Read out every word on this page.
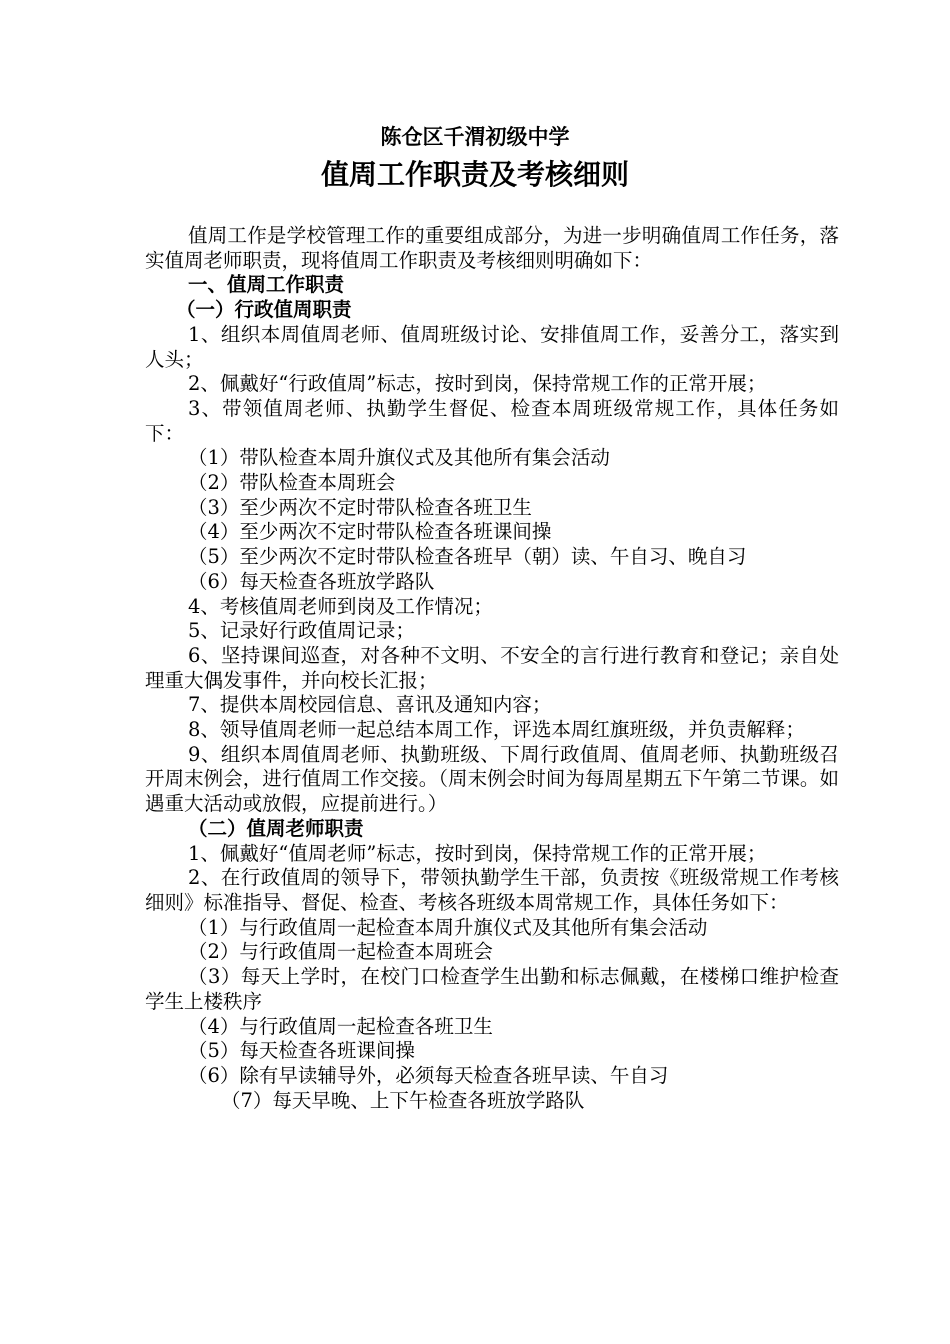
陈仓区千渭初级中学
值周工作职责及考核细则

值周工作是学校管理工作的重要组成部分，为进一步明确值周工作任务，落实值周老师职责，现将值周工作职责及考核细则明确如下：

一、值周工作职责

（一）行政值周职责

1、组织本周值周老师、值周班级讨论、安排值周工作，妥善分工，落实到人头；

2、佩戴好“行政值周”标志，按时到岗，保持常规工作的正常开展；

3、带领值周老师、执勤学生督促、检查本周班级常规工作，具体任务如下：

（1）带队检查本周升旗仪式及其他所有集会活动

（2）带队检查本周班会

（3）至少两次不定时带队检查各班卫生

（4）至少两次不定时带队检查各班课间操

（5）至少两次不定时带队检查各班早（朝）读、午自习、晚自习

（6）每天检查各班放学路队

4、考核值周老师到岗及工作情况；

5、记录好行政值周记录；

6、坚持课间巡查，对各种不文明、不安全的言行进行教育和登记；亲自处理重大偶发事件，并向校长汇报；

7、提供本周校园信息、喜讯及通知内容；

8、领导值周老师一起总结本周工作，评选本周红旗班级，并负责解释；

9、组织本周值周老师、执勤班级、下周行政值周、值周老师、执勤班级召开周末例会，进行值周工作交接。（周末例会时间为每周星期五下午第二节课。如遇重大活动或放假，应提前进行。）

（二）值周老师职责

1、佩戴好“值周老师”标志，按时到岗，保持常规工作的正常开展；

2、在行政值周的领导下，带领执勤学生干部，负责按《班级常规工作考核细则》标准指导、督促、检查、考核各班级本周常规工作，具体任务如下：

（1）与行政值周一起检查本周升旗仪式及其他所有集会活动

（2）与行政值周一起检查本周班会

（3）每天上学时，在校门口检查学生出勤和标志佩戴，在楼梯口维护检查学生上楼秩序

（4）与行政值周一起检查各班卫生

（5）每天检查各班课间操

（6）除有早读辅导外，必须每天检查各班早读、午自习

（7）每天早晚、上下午检查各班放学路队
